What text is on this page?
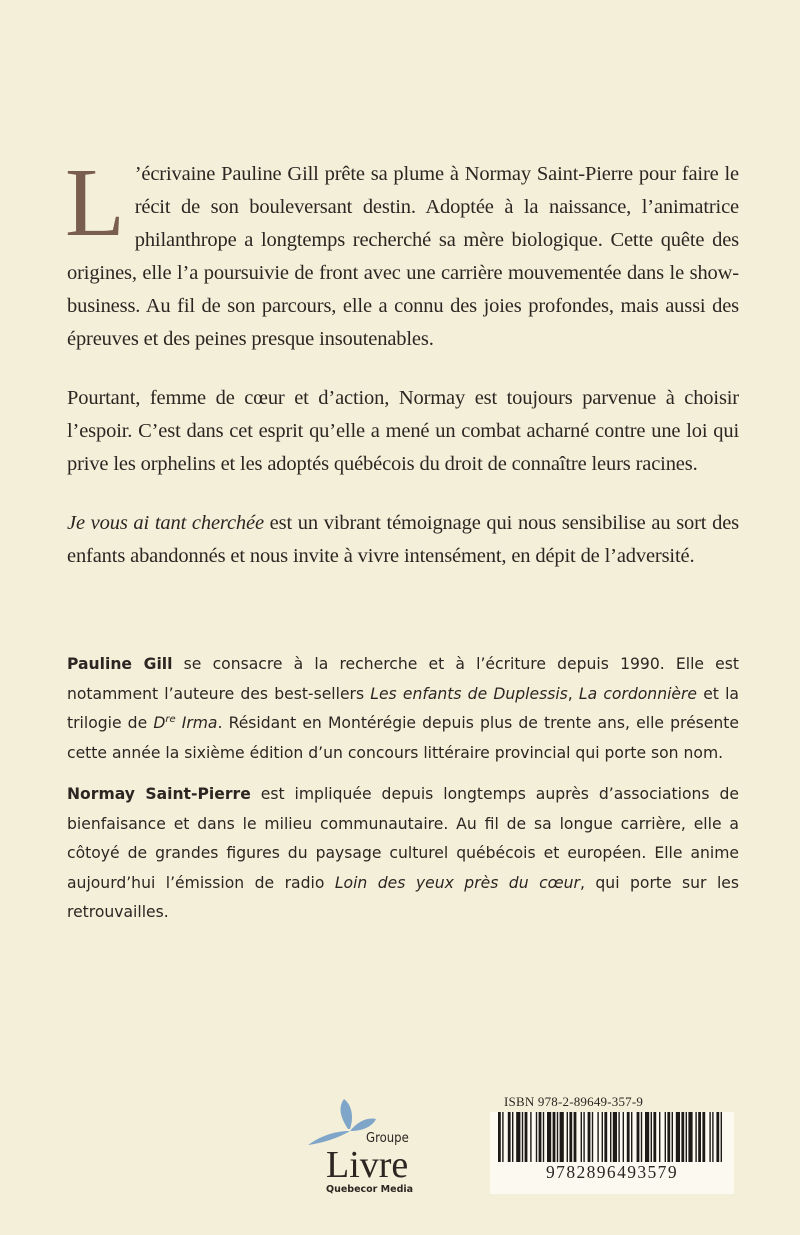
L ’écrivaine Pauline Gill prête sa plume à Normay Saint-Pierre pour faire le récit de son bouleversant destin. Adoptée à la naissance, l’animatrice philanthrope a longtemps recherché sa mère biologique. Cette quête des origines, elle l’a poursuivie de front avec une carrière mouvementée dans le show-business. Au fil de son parcours, elle a connu des joies profondes, mais aussi des épreuves et des peines presque insoutenables.

Pourtant, femme de cœur et d’action, Normay est toujours parvenue à choisir l’espoir. C’est dans cet esprit qu’elle a mené un combat acharné contre une loi qui prive les orphelins et les adoptés québécois du droit de connaître leurs racines.

Je vous ai tant cherchée est un vibrant témoignage qui nous sensibilise au sort des enfants abandonnés et nous invite à vivre intensément, en dépit de l’adversité.

Pauline Gill se consacre à la recherche et à l’écriture depuis 1990. Elle est notamment l’auteure des best-sellers Les enfants de Duplessis, La cordonnière et la trilogie de Dre Irma. Résidant en Montérégie depuis plus de trente ans, elle présente cette année la sixième édition d’un concours littéraire provincial qui porte son nom.

Normay Saint-Pierre est impliquée depuis longtemps auprès d’associations de bienfaisance et dans le milieu communautaire. Au fil de sa longue carrière, elle a côtoyé de grandes figures du paysage culturel québécois et européen. Elle anime aujourd’hui l’émission de radio Loin des yeux près du cœur, qui porte sur les retrouvailles.

Groupe
Livre
Quebecor Media
ISBN 978-2-89649-357-9
9782896493579
